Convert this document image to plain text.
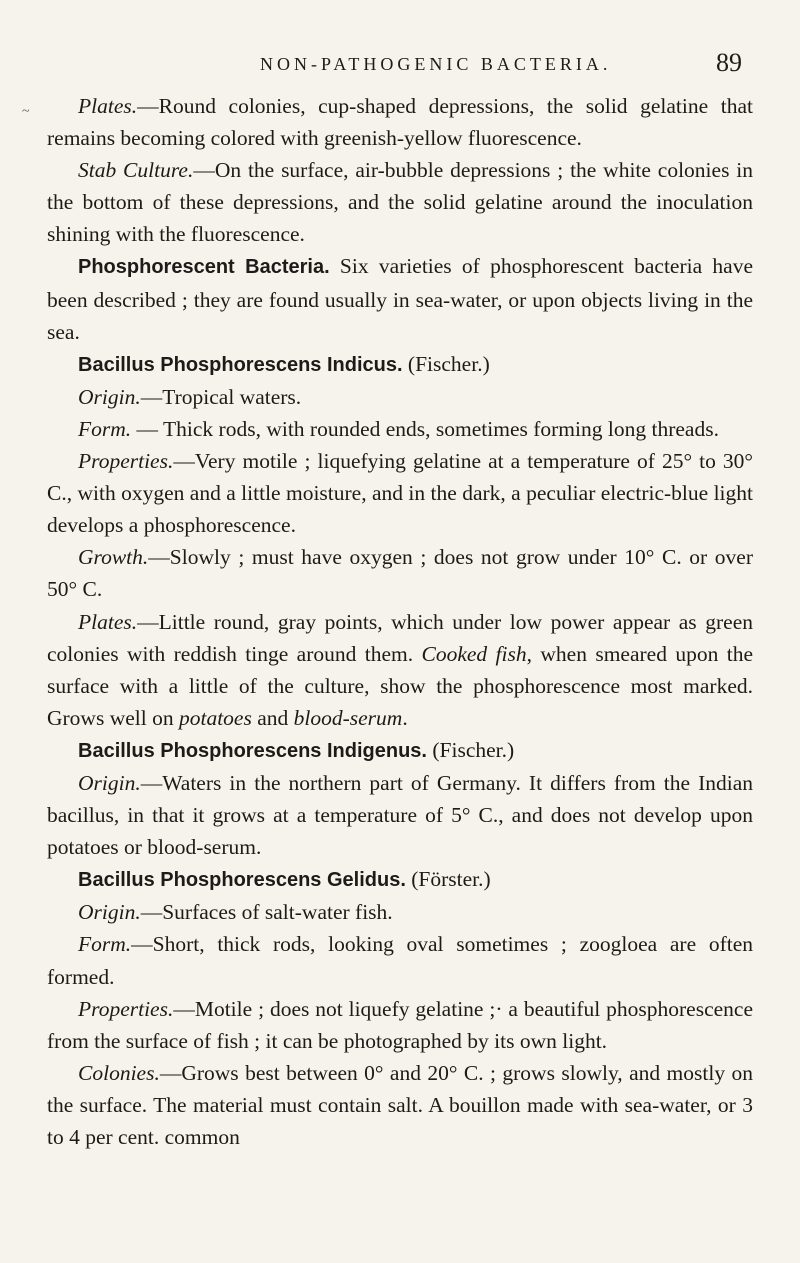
NON-PATHOGENIC BACTERIA.	89
~	Plates.—Round colonies, cup-shaped depressions, the solid gelatine that remains becoming colored with greenish-yellow fluorescence.

Stab Culture.—On the surface, air-bubble depressions ; the white colonies in the bottom of these depressions, and the solid gelatine around the inoculation shining with the fluorescence.

Phosphorescent Bacteria. Six varieties of phosphorescent bacteria have been described ; they are found usually in sea-water, or upon objects living in the sea.

Bacillus Phosphorescens Indicus. (Fischer.)

Origin.—Tropical waters.

Form. — Thick rods, with rounded ends, sometimes forming long threads.

Properties.—Very motile ; liquefying gelatine at a temperature of 25° to 30° C., with oxygen and a little moisture, and in the dark, a peculiar electric-blue light develops a phosphorescence.

Growth.—Slowly ; must have oxygen ; does not grow under 10° C. or over 50° C.

Plates.—Little round, gray points, which under low power appear as green colonies with reddish tinge around them. Cooked fish, when smeared upon the surface with a little of the culture, show the phosphorescence most marked. Grows well on potatoes and blood-serum.

Bacillus Phosphorescens Indigenus. (Fischer.)

Origin.—Waters in the northern part of Germany. It differs from the Indian bacillus, in that it grows at a temperature of 5° C., and does not develop upon potatoes or blood-serum.

Bacillus Phosphorescens Gelidus. (Förster.)

Origin.—Surfaces of salt-water fish.

Form.—Short, thick rods, looking oval sometimes ; zoogloea are often formed.

Properties.—Motile ; does not liquefy gelatine ;· a beautiful phosphorescence from the surface of fish ; it can be photographed by its own light.

Colonies.—Grows best between 0° and 20° C. ; grows slowly, and mostly on the surface. The material must contain salt. A bouillon made with sea-water, or 3 to 4 per cent. common
